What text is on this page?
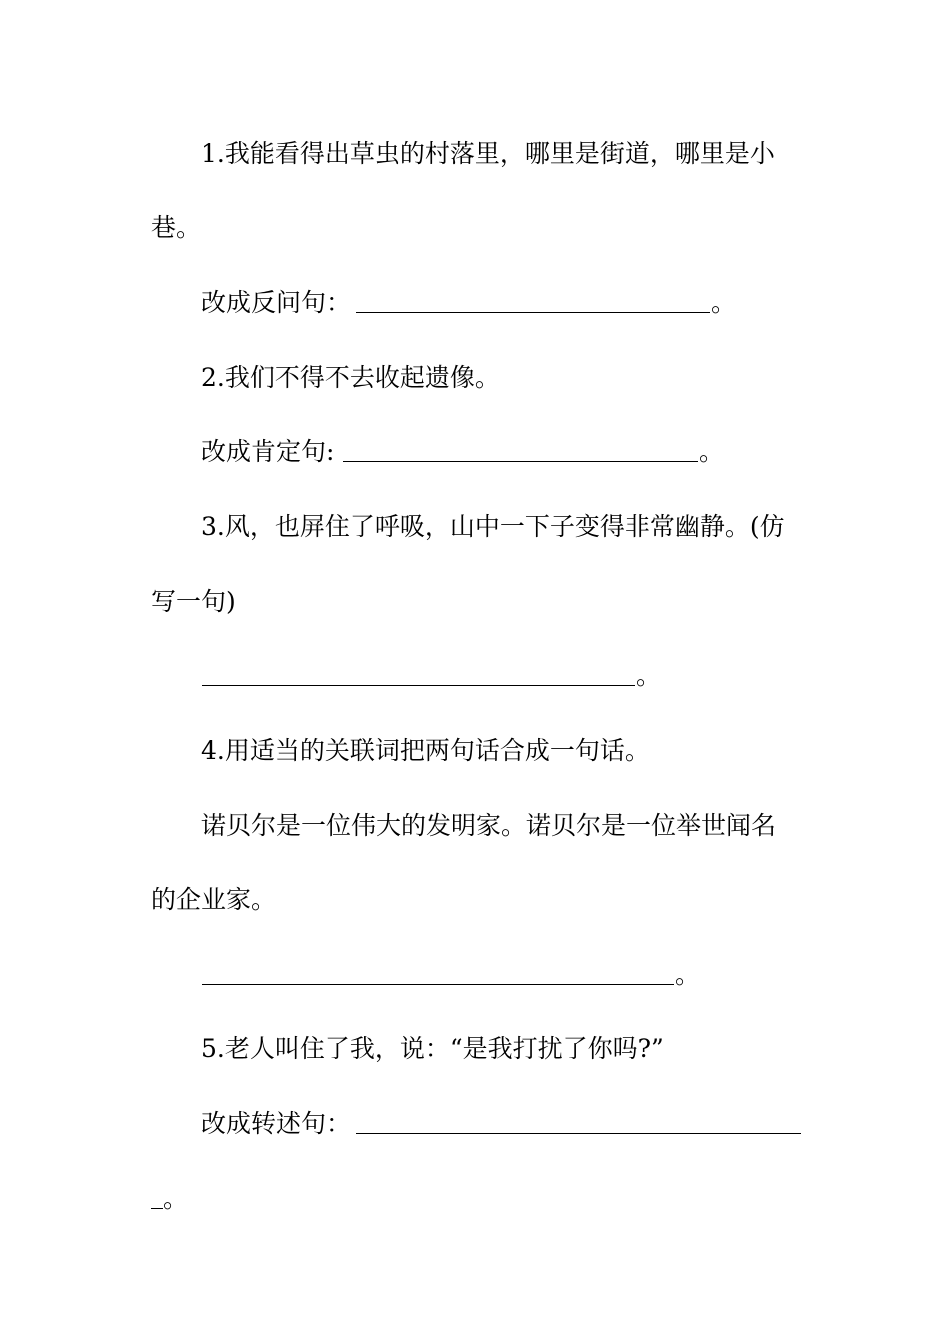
1.我能看得出草虫的村落里，哪里是街道，哪里是小
巷。
改成反问句：	。
2.我们不得不去收起遗像。
改成肯定句:	。
3.风，也屏住了呼吸，山中一下子变得非常幽静。(仿
写一句)
。
4.用适当的关联词把两句话合成一句话。
诺贝尔是一位伟大的发明家。诺贝尔是一位举世闻名
的企业家。
。
5.老人叫住了我，说：“是我打扰了你吗?”
改成转述句：
。
